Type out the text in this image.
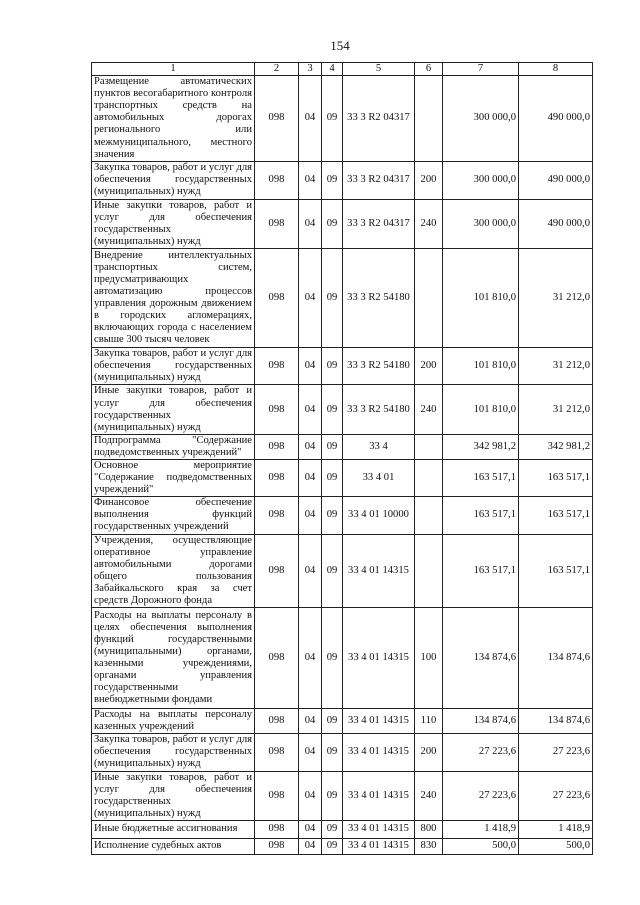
154
1	2	3	4	5	6	7	8
Размещение автоматических пунктов весогабаритного контроля транспортных средств на автомобильных дорогах регионального или межмуниципального, местного значения	098	04	09	33 3 R2 04317		300 000,0	490 000,0
Закупка товаров, работ и услуг для обеспечения государственных (муниципальных) нужд	098	04	09	33 3 R2 04317	200	300 000,0	490 000,0
Иные закупки товаров, работ и услуг для обеспечения государственных (муниципальных) нужд	098	04	09	33 3 R2 04317	240	300 000,0	490 000,0
Внедрение интеллектуальных транспортных систем, предусматривающих автоматизацию процессов управления дорожным движением в городских агломерациях, включающих города с населением свыше 300 тысяч человек	098	04	09	33 3 R2 54180		101 810,0	31 212,0
Закупка товаров, работ и услуг для обеспечения государственных (муниципальных) нужд	098	04	09	33 3 R2 54180	200	101 810,0	31 212,0
Иные закупки товаров, работ и услуг для обеспечения государственных (муниципальных) нужд	098	04	09	33 3 R2 54180	240	101 810,0	31 212,0
Подпрограмма "Содержание подведомственных учреждений"	098	04	09	33 4		342 981,2	342 981,2
Основное мероприятие "Содержание подведомственных учреждений"	098	04	09	33 4 01		163 517,1	163 517,1
Финансовое обеспечение выполнения функций государственных учреждений	098	04	09	33 4 01 10000		163 517,1	163 517,1
Учреждения, осуществляющие оперативное управление автомобильными дорогами общего пользования Забайкальского края за счет средств Дорожного фонда	098	04	09	33 4 01 14315		163 517,1	163 517,1
Расходы на выплаты персоналу в целях обеспечения выполнения функций государственными (муниципальными) органами, казенными учреждениями, органами управления государственными внебюджетными фондами	098	04	09	33 4 01 14315	100	134 874,6	134 874,6
Расходы на выплаты персоналу казенных учреждений	098	04	09	33 4 01 14315	110	134 874,6	134 874,6
Закупка товаров, работ и услуг для обеспечения государственных (муниципальных) нужд	098	04	09	33 4 01 14315	200	27 223,6	27 223,6
Иные закупки товаров, работ и услуг для обеспечения государственных (муниципальных) нужд	098	04	09	33 4 01 14315	240	27 223,6	27 223,6
Иные бюджетные ассигнования	098	04	09	33 4 01 14315	800	1 418,9	1 418,9
Исполнение судебных актов	098	04	09	33 4 01 14315	830	500,0	500,0
